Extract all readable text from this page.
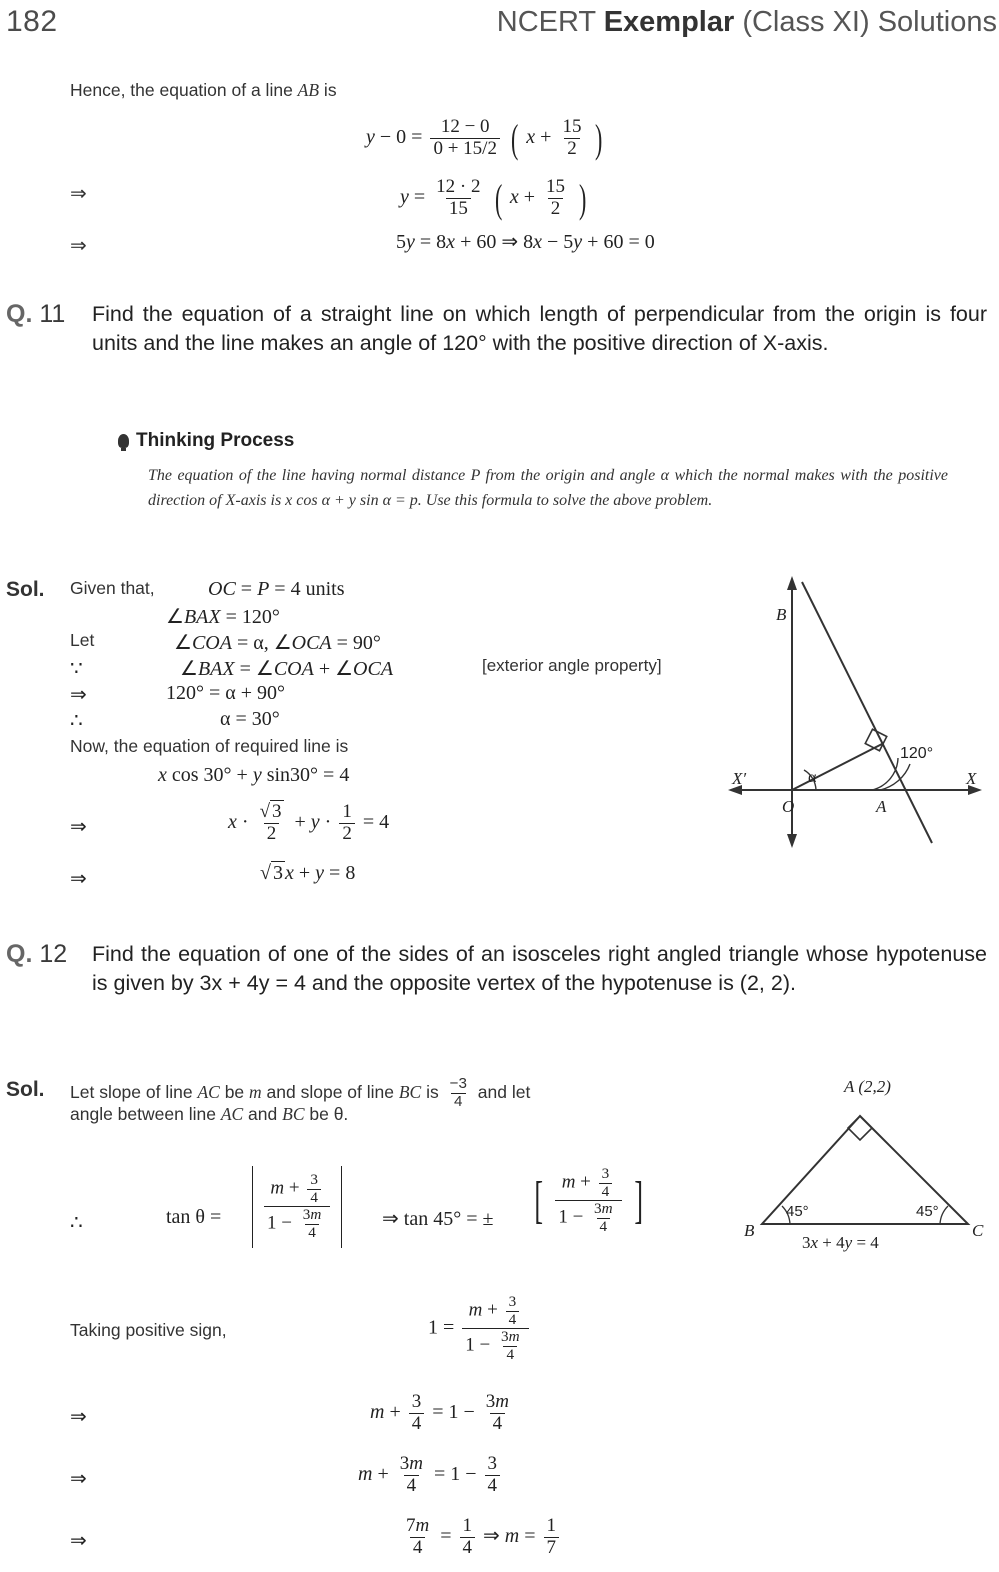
182	NCERT Exemplar (Class XI) Solutions
Hence, the equation of a line AB is
$y - 0 = \frac{12 - 0}{0 + 15/2}$ ( $x + \frac{15}{2}$ )
⇒	$y = \frac{12 \cdot 2}{15}$ ( $x + \frac{15}{2}$ )
⇒	5y = 8x + 60 ⇒ 8x − 5y + 60 = 0
Q. 11	Find the equation of a straight line on which length of perpendicular from the origin is four units and the line makes an angle of 120° with the positive direction of X-axis.
Thinking Process
The equation of the line having normal distance P from the origin and angle α which the normal makes with the positive direction of X-axis is x cos α + y sin α = p. Use this formula to solve the above problem.
Sol. Given that,	OC = P = 4 units
∠BAX = 120°
Let	∠COA = α, ∠OCA = 90°
∵	∠BAX = ∠COA + ∠OCA	[exterior angle property]
⇒	120° = α + 90°
∴	α = 30°
Now, the equation of required line is
x cos 30° + y sin30° = 4
⇒	$x \cdot \frac{√ 3}{2} + y \cdot \frac{1}{2} = 4$
⇒	√ 3 x + y = 8
B
X′	X
O	A
α
120°
Q. 12	Find the equation of one of the sides of an isosceles right angled triangle whose hypotenuse is given by 3x + 4y = 4 and the opposite vertex of the hypotenuse is (2, 2).
Sol. Let slope of line AC be m and slope of line BC is $\frac{-3}{4}$ and let
angle between line AC and BC be θ.
∴	$\tan \theta = \frac{m + \frac{3}{4}}{1 - \frac{3m}{4}}$	⇒ tan 45° = ± [ $\frac{m + \frac{3}{4}}{1 - \frac{3m}{4}}$ ]
Taking positive sign,	$1 = \frac{m + \frac{3}{4}}{1 - \frac{3m}{4}}$
⇒	$m + \frac{3}{4} = 1 - \frac{3m}{4}$
⇒	$m + \frac{3m}{4} = 1 - \frac{3}{4}$
⇒	$\frac{7m}{4} = \frac{1}{4}$ ⇒ $m = \frac{1}{7}$
A (2,2)
B	C
45°	45°
3x + 4y = 4
